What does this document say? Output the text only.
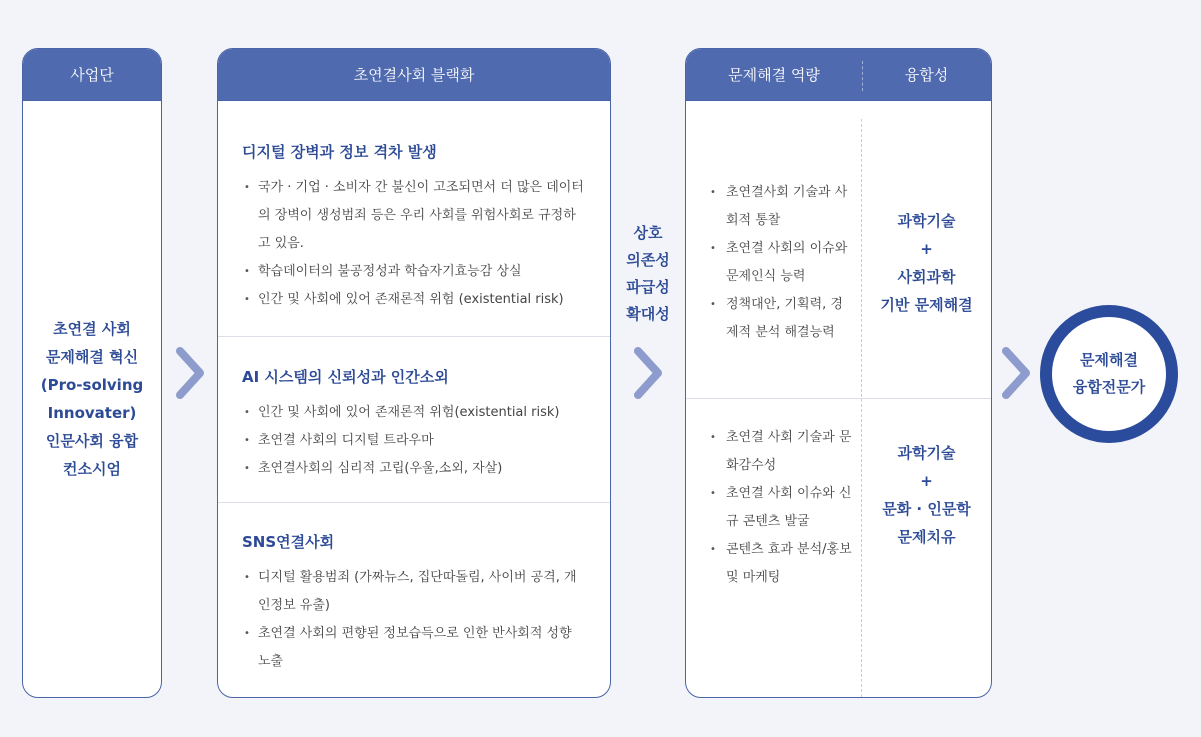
사업단
초연결 사회
문제해결 혁신
(Pro-solving
Innovater)
인문사회 융합
컨소시엄
초연결사회 블랙화
디지털 장벽과 정보 격차 발생
• 국가 · 기업 · 소비자 간 불신이 고조되면서 더 많은 데이터의 장벽이 생성범죄 등은 우리 사회를 위험사회로 규정하고 있음.
• 학습데이터의 불공정성과 학습자기효능감 상실
• 인간 및 사회에 있어 존재론적 위험 (existential risk)
AI 시스템의 신뢰성과 인간소외
• 인간 및 사회에 있어 존재론적 위험(existential risk)
• 초연결 사회의 디지털 트라우마
• 초연결사회의 심리적 고립(우울,소외, 자살)
SNS연결사회
• 디지털 활용범죄 (가짜뉴스, 집단따돌림, 사이버 공격, 개인정보 유출)
• 초연결 사회의 편향된 정보습득으로 인한 반사회적 성향 노출
상호
의존성
파급성
확대성
문제해결 역량	융합성
• 초연결사회 기술과 사회적 통찰
• 초연결 사회의 이슈와 문제인식 능력
• 정책대안, 기획력, 경제적 분석 해결능력
과학기술
+
사회과학
기반 문제해결
• 초연결 사회 기술과 문화감수성
• 초연결 사회 이슈와 신규 콘텐츠 발굴
• 콘텐츠 효과 분석/홍보 및 마케팅
과학기술
+
문화 · 인문학
문제치유
문제해결
융합전문가
